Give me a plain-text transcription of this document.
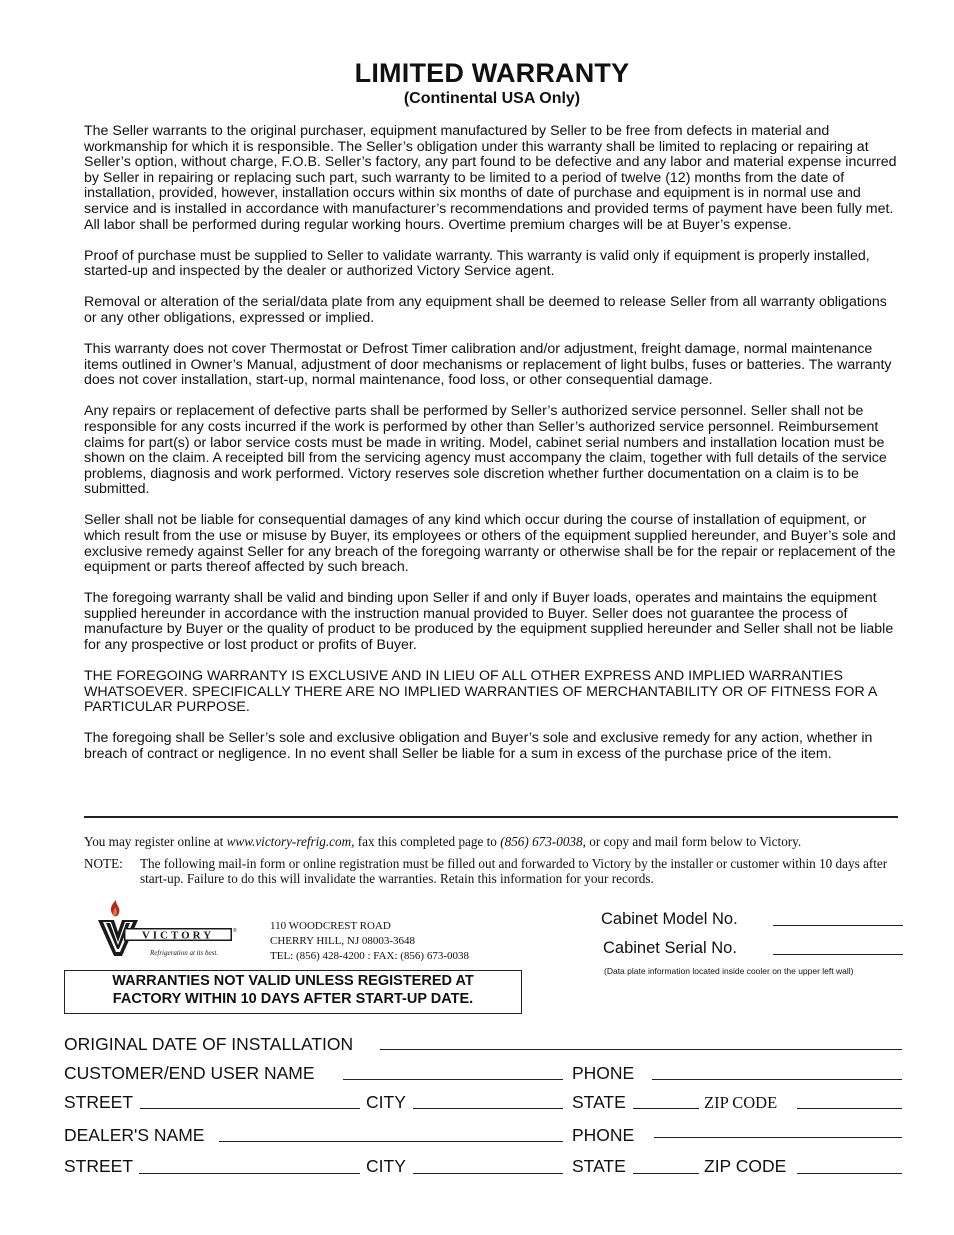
LIMITED WARRANTY
(Continental USA Only)

The Seller warrants to the original purchaser, equipment manufactured by Seller to be free from defects in material and workmanship for which it is responsible. The Seller’s obligation under this warranty shall be limited to replacing or repairing at Seller’s option, without charge, F.O.B. Seller’s factory, any part found to be defective and any labor and material expense incurred by Seller in repairing or replacing such part, such warranty to be limited to a period of twelve (12) months from the date of installation, provided, however, installation occurs within six months of date of purchase and equipment is in normal use and service and is installed in accordance with manufacturer’s recommendations and provided terms of payment have been fully met. All labor shall be performed during regular working hours. Overtime premium charges will be at Buyer’s expense.

Proof of purchase must be supplied to Seller to validate warranty. This warranty is valid only if equipment is properly installed, started-up and inspected by the dealer or authorized Victory Service agent.

Removal or alteration of the serial/data plate from any equipment shall be deemed to release Seller from all warranty obligations or any other obligations, expressed or implied.

This warranty does not cover Thermostat or Defrost Timer calibration and/or adjustment, freight damage, normal maintenance items outlined in Owner’s Manual, adjustment of door mechanisms or replacement of light bulbs, fuses or batteries. The warranty does not cover installation, start-up, normal maintenance, food loss, or other consequential damage.

Any repairs or replacement of defective parts shall be performed by Seller’s authorized service personnel. Seller shall not be responsible for any costs incurred if the work is performed by other than Seller’s authorized service personnel. Reimbursement claims for part(s) or labor service costs must be made in writing. Model, cabinet serial numbers and installation location must be shown on the claim. A receipted bill from the servicing agency must accompany the claim, together with full details of the service problems, diagnosis and work performed. Victory reserves sole discretion whether further documentation on a claim is to be submitted.

Seller shall not be liable for consequential damages of any kind which occur during the course of installation of equipment, or which result from the use or misuse by Buyer, its employees or others of the equipment supplied hereunder, and Buyer’s sole and exclusive remedy against Seller for any breach of the foregoing warranty or otherwise shall be for the repair or replacement of the equipment or parts thereof affected by such breach.

The foregoing warranty shall be valid and binding upon Seller if and only if Buyer loads, operates and maintains the equipment supplied hereunder in accordance with the instruction manual provided to Buyer. Seller does not guarantee the process of manufacture by Buyer or the quality of product to be produced by the equipment supplied hereunder and Seller shall not be liable for any prospective or lost product or profits of Buyer.

THE FOREGOING WARRANTY IS EXCLUSIVE AND IN LIEU OF ALL OTHER EXPRESS AND IMPLIED WARRANTIES WHATSOEVER. SPECIFICALLY THERE ARE NO IMPLIED WARRANTIES OF MERCHANTABILITY OR OF FITNESS FOR A PARTICULAR PURPOSE.

The foregoing shall be Seller’s sole and exclusive obligation and Buyer’s sole and exclusive remedy for any action, whether in breach of contract or negligence. In no event shall Seller be liable for a sum in excess of the purchase price of the item.

You may register online at www.victory-refrig.com, fax this completed page to (856) 673-0038, or copy and mail form below to Victory.
NOTE: The following mail-in form or online registration must be filled out and forwarded to Victory by the installer or customer within 10 days after start-up. Failure to do this will invalidate the warranties. Retain this information for your records.
VICTORY	®
Refrigeration at its best.
110 WOODCREST ROAD
CHERRY HILL, NJ 08003-3648
TEL: (856) 428-4200 : FAX: (856) 673-0038
WARRANTIES NOT VALID UNLESS REGISTERED AT
FACTORY WITHIN 10 DAYS AFTER START-UP DATE.
Cabinet Model No.
Cabinet Serial No.
(Data plate information located inside cooler on the upper left wall)
ORIGINAL DATE OF INSTALLATION
CUSTOMER/END USER NAME	PHONE
STREET	CITY	STATE	ZIP CODE
DEALER'S NAME	PHONE
STREET	CITY	STATE	ZIP CODE
